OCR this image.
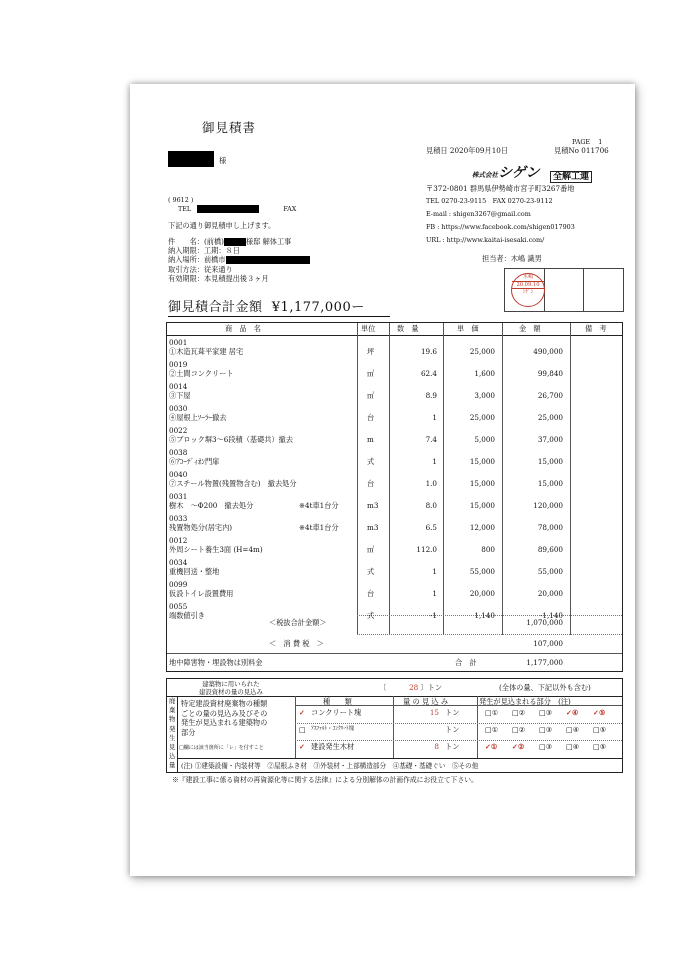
御見積書
様
PAGE 1
見積日 2020年09月10日	見積No 011706
株式会社シゲン	全解工連
〒372-0801 群馬県伊勢崎市宮子町3267番地
TEL 0270-23-9115　FAX 0270-23-9112
E-mail : shigen3267@gmail.com
FB : https://www.facebook.com/shigen017903
URL : http://www.kaitai-isesaki.com/
担当者：木嶋 識男
木嶋
20.09.10
ｼｹﾞﾝ
( 9612 )
TEL	FAX
下記の通り御見積申し上げます。
件　　名：(前橋)	様邸 解体工事
納入期限：工期：８日
納入場所：前橋市
取引方法：従来通り
有効期限：本見積提出後３ヶ月
御見積合計金額 ¥1,177,000ー
商　品　名	単位	数　量	単　価	金　額	備　考
0001
①木造瓦葺平家建 居宅	坪	19.6	25,000	490,000
0019
②土間コンクリート	㎡	62.4	1,600	99,840
0014
③下屋	㎡	8.9	3,000	26,700
0030
④屋根上ｿｰﾗｰ撤去	台	1	25,000	25,000
0022
⑤ブロック塀3〜6段積（基礎共）撤去	m	7.4	5,000	37,000
0038
⑥ｱｺｰﾃﾞｨｵﾝ門扉	式	1	15,000	15,000
0040
⑦スチール物置(残置物含む)　撤去処分	台	1.0	15,000	15,000
0031
樹木　〜Φ200　撤去処分	※4t車1台分	m3	8.0	15,000	120,000
0033
残置物処分(居宅内)	※4t車1台分	m3	6.5	12,000	78,000
0012
外周シート養生3面 (H=4m)	㎡	112.0	800	89,600
0034
重機回送・整地	式	1	55,000	55,000
0099
仮設トイレ設置費用	台	1	20,000	20,000
0055
端数値引き	式	-1	1,140	-1,140
＜税抜合計金額＞	1,070,000
＜　消 費 税　＞	107,000
地中障害物・埋設物は別料金	合　計	1,177,000
建築物に用いられた
建設資材の量の見込み	〔	28 〕トン	(全体の量、下記以外も含む)
廃
棄
物
発
生
見
込
量
特定建設資材廃棄物の種類
ごとの量の見込み及びその
発生が見込まれる建築物の
部分
□欄には該当箇所に「レ」を付すこと
種　　類	量 の 見 込 み	発生が見込まれる部分　(注)
✓ コンクリート塊	15 トン	□① □② □③ ✓④ ✓⑤
□ ｱｽﾌｧﾙﾄ・ｺﾝｸﾘｰﾄ塊	トン	□① □② □③ □④ □⑤
✓ 建設発生木材	8 トン	✓① ✓② □③ □④ □⑤
(注) ①建築設備・内装材等　②屋根ふき材　③外装材・上部構造部分　④基礎・基礎ぐい　⑤その他
※『建設工事に係る資材の再資源化等に関する法律』による分別解体の計画作成にお役立て下さい。
